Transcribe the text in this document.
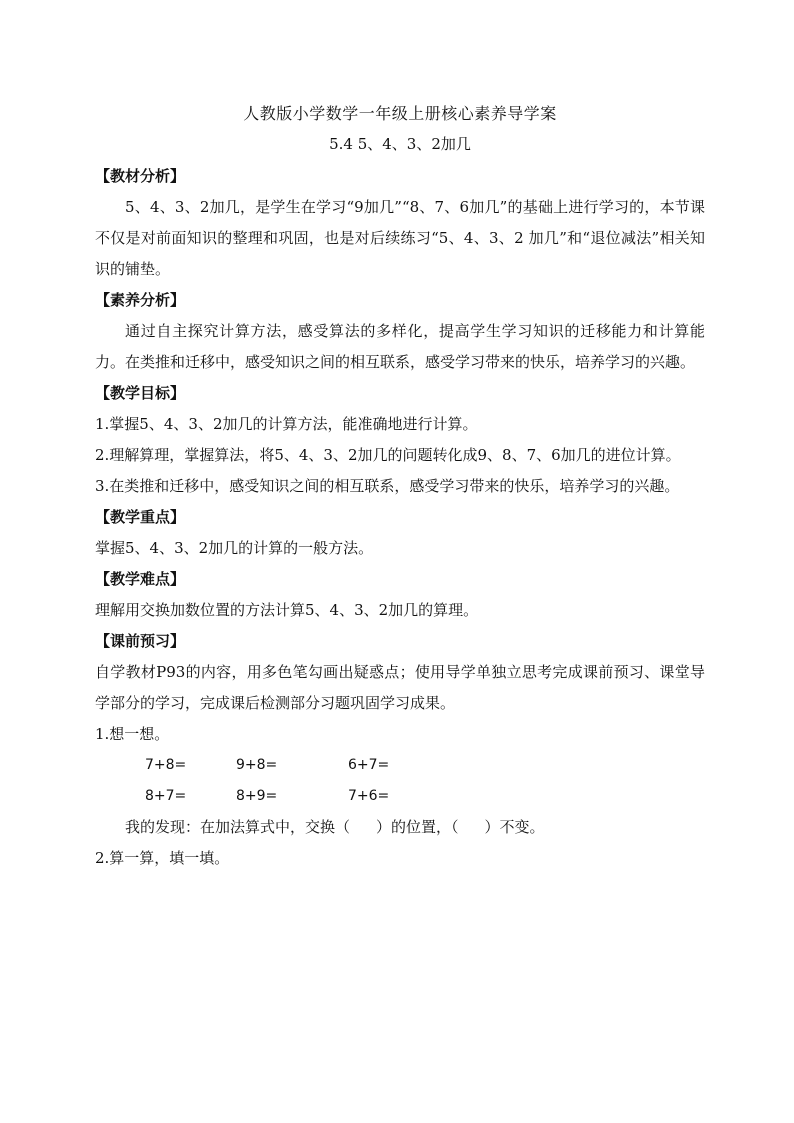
人教版小学数学一年级上册核心素养导学案
5.4 5、4、3、2加几
【教材分析】

5、4、3、2加几，是学生在学习“9加几”“8、7、6加几”的基础上进行学习的，本节课不仅是对前面知识的整理和巩固，也是对后续练习“5、4、3、2 加几”和“退位减法”相关知识的铺垫。

【素养分析】

通过自主探究计算方法，感受算法的多样化，提高学生学习知识的迁移能力和计算能力。在类推和迁移中，感受知识之间的相互联系，感受学习带来的快乐，培养学习的兴趣。

【教学目标】
1.掌握5、4、3、2加几的计算方法，能准确地进行计算。
2.理解算理，掌握算法，将5、4、3、2加几的问题转化成9、8、7、6加几的进位计算。
3.在类推和迁移中，感受知识之间的相互联系，感受学习带来的快乐，培养学习的兴趣。
【教学重点】
掌握5、4、3、2加几的计算的一般方法。
【教学难点】
理解用交换加数位置的方法计算5、4、3、2加几的算理。
【课前预习】

自学教材P93的内容，用多色笔勾画出疑惑点；使用导学单独立思考完成课前预习、课堂导学部分的学习，完成课后检测部分习题巩固学习成果。

1.想一想。
7+8=	9+8=	6+7=
8+7=	8+9=	7+6=
我的发现：在加法算式中，交换（ ）的位置，（ ）不变。
2.算一算，填一填。
